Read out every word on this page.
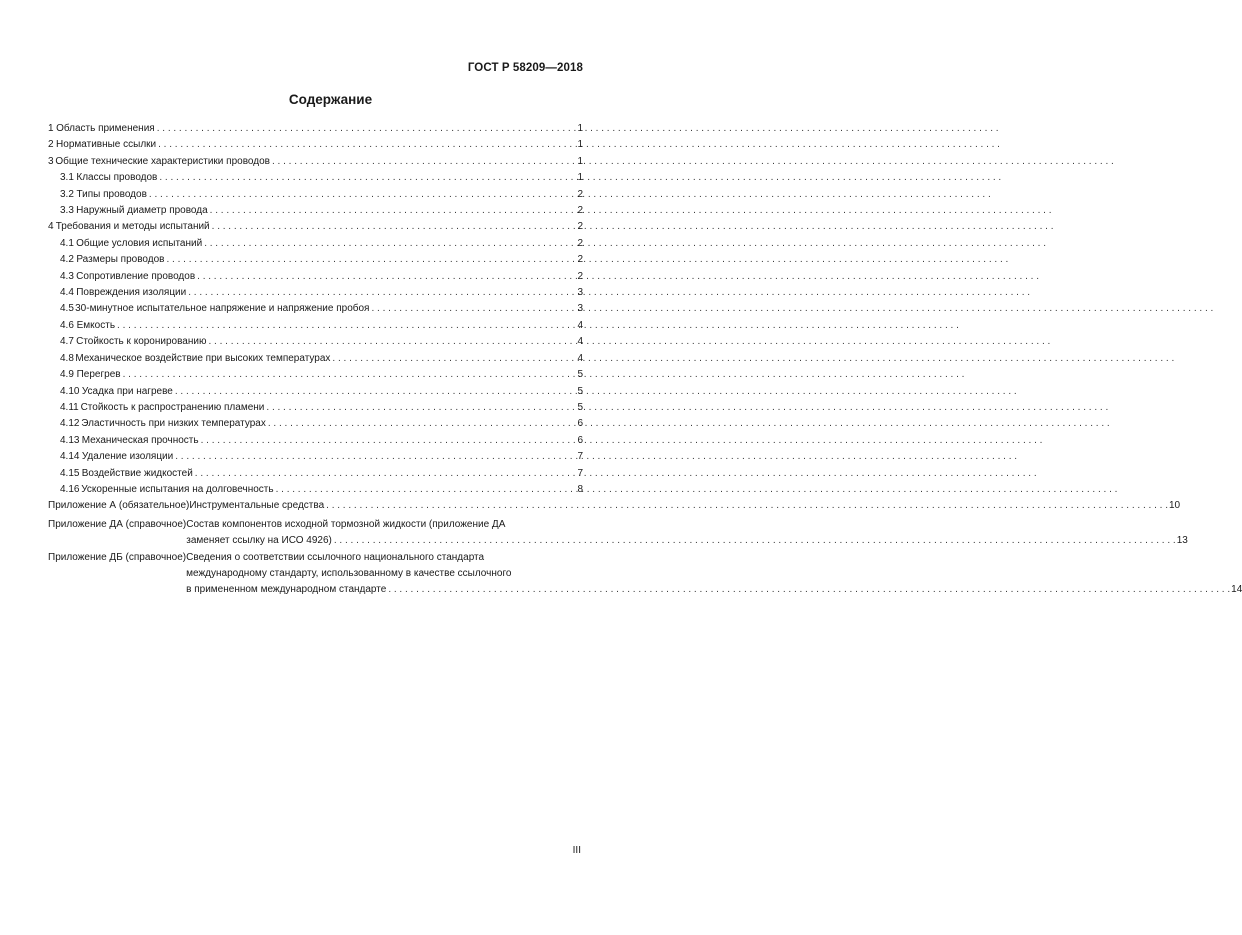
ГОСТ Р 58209—2018
Содержание
1 Область применения . . .	1
2 Нормативные ссылки . . .	1
3 Общие технические характеристики проводов . . .	1
3.1 Классы проводов . . .	1
3.2 Типы проводов . . .	2
3.3 Наружный диаметр провода . . .	2
4 Требования и методы испытаний . . .	2
4.1 Общие условия испытаний . . .	2
4.2 Размеры проводов . . .	2
4.3 Сопротивление проводов . . .	2
4.4 Повреждения изоляции . . .	3
4.5 30-минутное испытательное напряжение и напряжение пробоя . . .	3
4.6 Емкость . . .	4
4.7 Стойкость к коронированию . . .	4
4.8 Механическое воздействие при высоких температурах . . .	4
4.9 Перегрев . . .	5
4.10 Усадка при нагреве . . .	5
4.11 Стойкость к распространению пламени . . .	5
4.12 Эластичность при низких температурах . . .	6
4.13 Механическая прочность . . .	6
4.14 Удаление изоляции . . .	7
4.15 Воздействие жидкостей . . .	7
4.16 Ускоренные испытания на долговечность . . .	8
Приложение А (обязательное) Инструментальные средства . . .	10
Приложение ДА (справочное) Состав компонентов исходной тормозной жидкости (приложение ДА
заменяет ссылку на ИСО 4926) . . .	13
Приложение ДБ (справочное) Сведения о соответствии ссылочного национального стандарта
международному стандарту, использованному в качестве ссылочного
в примененном международном стандарте . . .	14
III
